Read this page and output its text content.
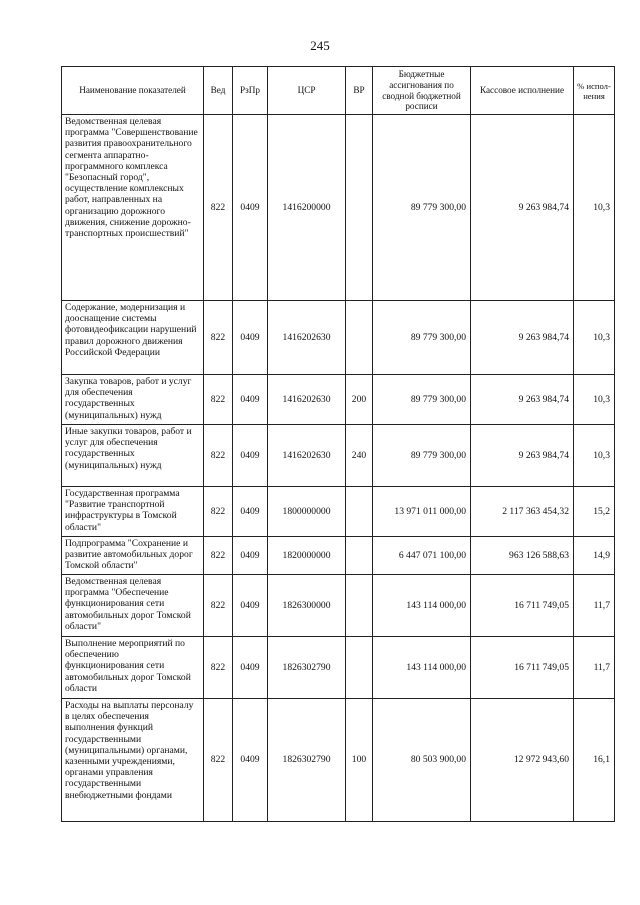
245
Наименование показателей	Вед	РзПр	ЦСР	ВР	Бюджетные ассигнования по сводной бюджетной росписи	Кассовое исполнение	% испол-нения
Ведомственная целевая программа "Совершенствование развития правоохранительного сегмента аппаратно-программного комплекса "Безопасный город", осуществление комплексных работ, направленных на организацию дорожного движения, снижение дорожно-транспортных происшествий"	822	0409	1416200000		89 779 300,00	9 263 984,74	10,3
Содержание, модернизация и дооснащение системы фотовидеофиксации нарушений правил дорожного движения Российской Федерации	822	0409	1416202630		89 779 300,00	9 263 984,74	10,3
Закупка товаров, работ и услуг для обеспечения государственных (муниципальных) нужд	822	0409	1416202630	200	89 779 300,00	9 263 984,74	10,3
Иные закупки товаров, работ и услуг для обеспечения государственных (муниципальных) нужд	822	0409	1416202630	240	89 779 300,00	9 263 984,74	10,3
Государственная программа "Развитие транспортной инфраструктуры в Томской области"	822	0409	1800000000		13 971 011 000,00	2 117 363 454,32	15,2
Подпрограмма "Сохранение и развитие автомобильных дорог Томской области"	822	0409	1820000000		6 447 071 100,00	963 126 588,63	14,9
Ведомственная целевая программа "Обеспечение функционирования сети автомобильных дорог Томской области"	822	0409	1826300000		143 114 000,00	16 711 749,05	11,7
Выполнение мероприятий по обеспечению функционирования сети автомобильных дорог Томской области	822	0409	1826302790		143 114 000,00	16 711 749,05	11,7
Расходы на выплаты персоналу в целях обеспечения выполнения функций государственными (муниципальными) органами, казенными учреждениями, органами управления государственными внебюджетными фондами	822	0409	1826302790	100	80 503 900,00	12 972 943,60	16,1
